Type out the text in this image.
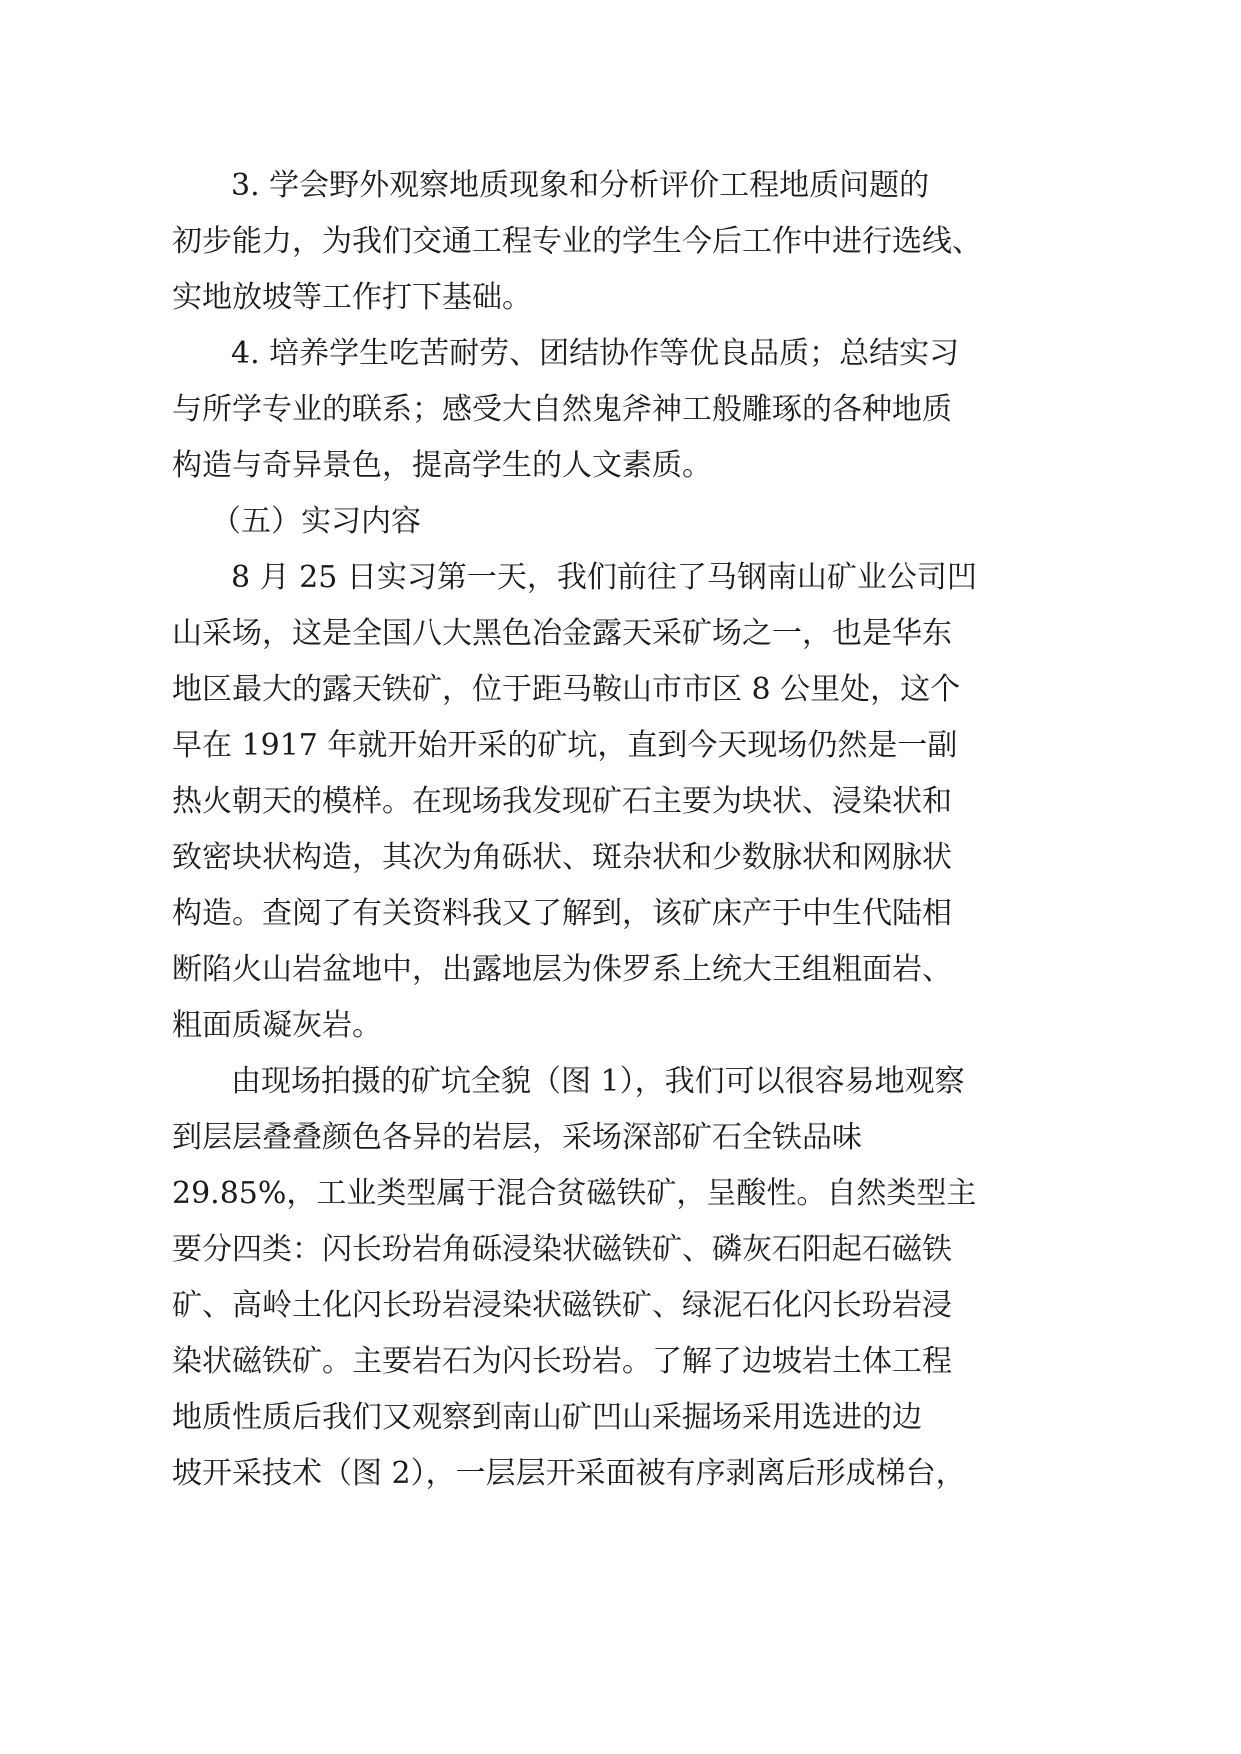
3. 学会野外观察地质现象和分析评价工程地质问题的
初步能力，为我们交通工程专业的学生今后工作中进行选线、
实地放坡等工作打下基础。
4. 培养学生吃苦耐劳、团结协作等优良品质；总结实习
与所学专业的联系；感受大自然鬼斧神工般雕琢的各种地质
构造与奇异景色，提高学生的人文素质。
（五）实习内容
8 月 25 日实习第一天，我们前往了马钢南山矿业公司凹
山采场，这是全国八大黑色冶金露天采矿场之一，也是华东
地区最大的露天铁矿，位于距马鞍山市市区 8 公里处，这个
早在 1917 年就开始开采的矿坑，直到今天现场仍然是一副
热火朝天的模样。在现场我发现矿石主要为块状、浸染状和
致密块状构造，其次为角砾状、斑杂状和少数脉状和网脉状
构造。查阅了有关资料我又了解到，该矿床产于中生代陆相
断陷火山岩盆地中，出露地层为侏罗系上统大王组粗面岩、
粗面质凝灰岩。
由现场拍摄的矿坑全貌（图 1），我们可以很容易地观察
到层层叠叠颜色各异的岩层，采场深部矿石全铁品味
29.85%，工业类型属于混合贫磁铁矿，呈酸性。自然类型主
要分四类：闪长玢岩角砾浸染状磁铁矿、磷灰石阳起石磁铁
矿、高岭土化闪长玢岩浸染状磁铁矿、绿泥石化闪长玢岩浸
染状磁铁矿。主要岩石为闪长玢岩。了解了边坡岩土体工程
地质性质后我们又观察到南山矿凹山采掘场采用选进的边
坡开采技术（图 2），一层层开采面被有序剥离后形成梯台，
